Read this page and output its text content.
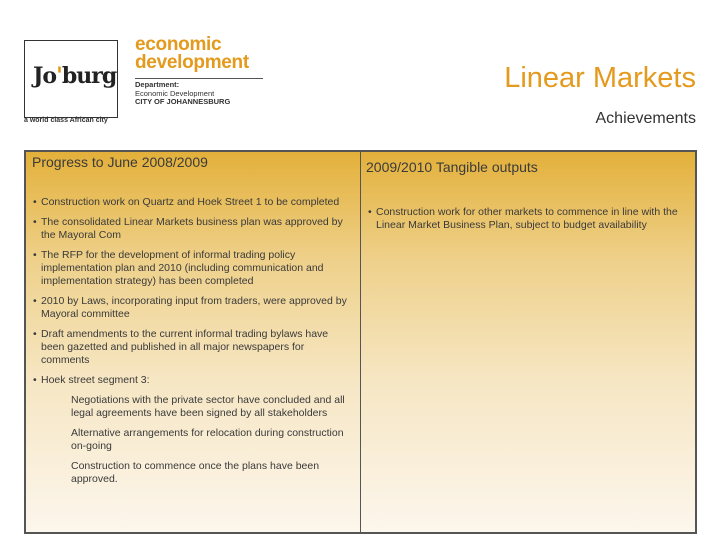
Jo'burg
a world class African city
economic
development
Department:
Economic Development
CITY OF JOHANNESBURG
Linear Markets
Achievements
Progress to June 2008/2009
• Construction work on Quartz and Hoek Street 1 to be completed
• The consolidated Linear Markets business plan was approved by the Mayoral Com
• The RFP for the development of informal trading policy implementation plan and 2010 (including communication and implementation strategy) has been completed
• 2010 by Laws, incorporating input from traders, were approved by Mayoral committee
• Draft amendments to the current informal trading bylaws have been gazetted and published in all major newspapers for comments
• Hoek street segment 3:
Negotiations with the private sector have concluded and all legal agreements have been signed by all stakeholders
Alternative arrangements for relocation during construction on-going
Construction to commence once the plans have been approved.
2009/2010 Tangible outputs
• Construction work for other markets to commence in line with the Linear Market Business Plan, subject to budget availability
